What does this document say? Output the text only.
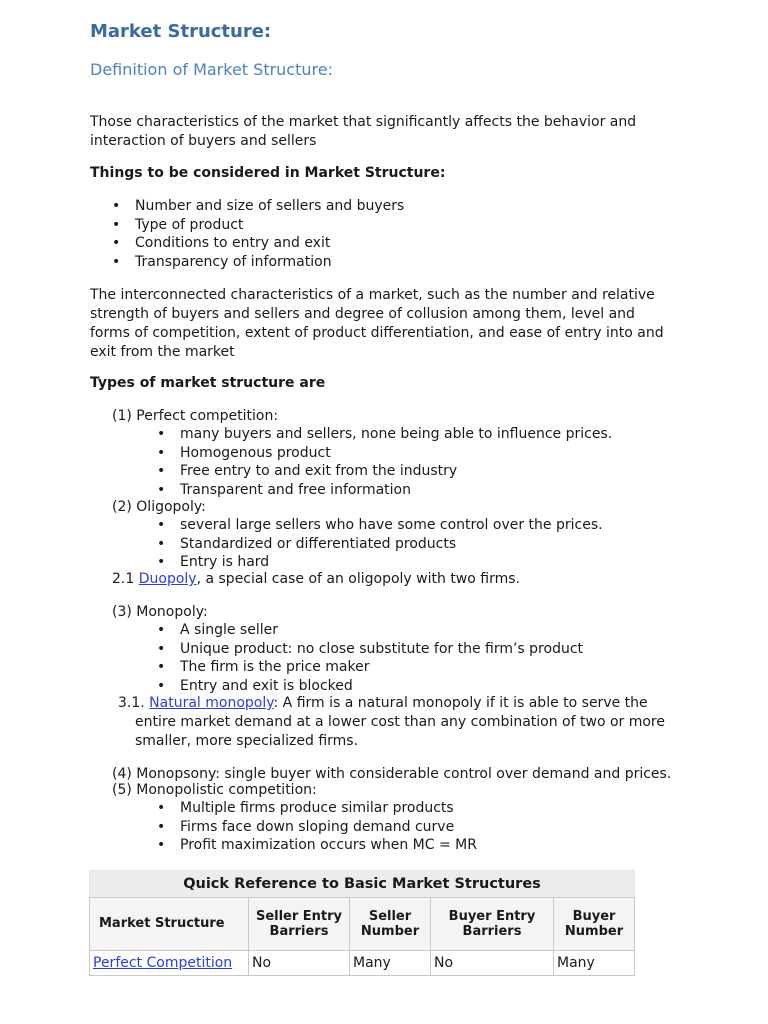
Market Structure:
Definition of Market Structure:

Those characteristics of the market that significantly affects the behavior and interaction of buyers and sellers

Things to be considered in Market Structure:
• Number and size of sellers and buyers
• Type of product
• Conditions to entry and exit
• Transparency of information

The interconnected characteristics of a market, such as the number and relative strength of buyers and sellers and degree of collusion among them, level and forms of competition, extent of product differentiation, and ease of entry into and exit from the market

Types of market structure are
(1) Perfect competition:
• many buyers and sellers, none being able to influence prices.
• Homogenous product
• Free entry to and exit from the industry
• Transparent and free information
(2) Oligopoly:
• several large sellers who have some control over the prices.
• Standardized or differentiated products
• Entry is hard
2.1 Duopoly, a special case of an oligopoly with two firms.
(3) Monopoly:
• A single seller
• Unique product: no close substitute for the firm’s product
• The firm is the price maker
• Entry and exit is blocked
3.1. Natural monopoly: A firm is a natural monopoly if it is able to serve the
entire market demand at a lower cost than any combination of two or more smaller, more specialized firms.
(4) Monopsony: single buyer with considerable control over demand and prices.
(5) Monopolistic competition:
• Multiple firms produce similar products
• Firms face down sloping demand curve
• Profit maximization occurs when MC = MR
Quick Reference to Basic Market Structures
Market Structure	Seller Entry Barriers	Seller Number	Buyer Entry Barriers	Buyer Number
Perfect Competition	No	Many	No	Many
